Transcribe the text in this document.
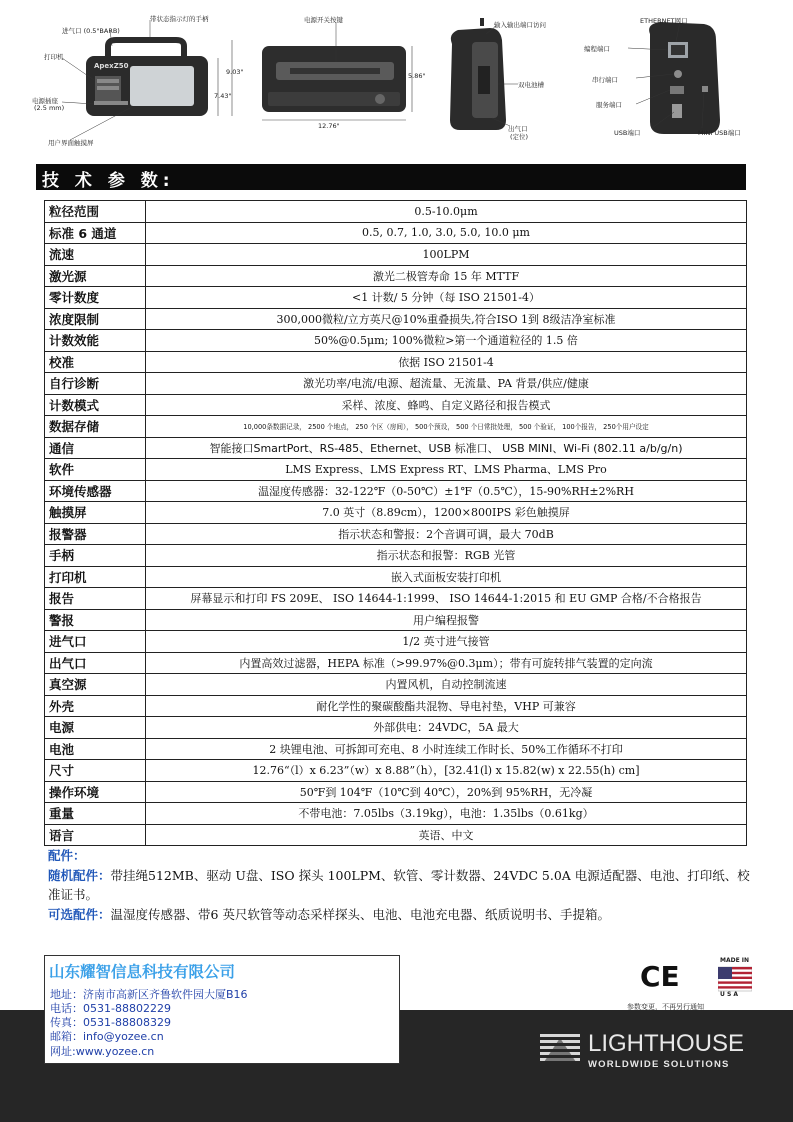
进气口 (0.5"BARB)
带状态指示灯的手柄	电源开关按键
输入输出端口访问	ETHERNET网口
打印机
ApexZ50
9.03"
7.43"
12.76"
5.86"
电源插座
(2.5 mm)
用户界面触摸屏
双电池槽
出气口
(定位)
编程端口
串行端口
服务端口
USB端口	MINI USB端口
技 术 参 数:
粒径范围	0.5-10.0μm
标准 6 通道	0.5, 0.7, 1.0, 3.0, 5.0, 10.0 μm
流速	100LPM
激光源	激光二极管寿命 15 年 MTTF
零计数度	<1 计数/ 5 分钟（每 ISO 21501-4）
浓度限制	300,000微粒/立方英尺@10%重叠损失,符合ISO 1到 8级洁净室标准
计数效能	50%@0.5μm; 100%微粒>第一个通道粒径的 1.5 倍
校准	依据 ISO 21501-4
自行诊断	激光功率/电流/电源、超流量、无流量、PA 背景/供应/健康
计数模式	采样、浓度、蜂鸣、自定义路径和报告模式
数据存储	10,000条数据记录， 2500 个地点， 250 个区（房间）， 500个预设， 500 个日常批处理， 500 个验证， 100个报告， 250个用户设定
通信	智能接口SmartPort、RS-485、Ethernet、USB 标准口、 USB MINI、Wi-Fi (802.11 a/b/g/n)
软件	LMS Express、LMS Express RT、LMS Pharma、LMS Pro
环境传感器	温湿度传感器：32-122℉（0-50℃）±1℉（0.5℃），15-90%RH±2%RH
触摸屏	7.0 英寸（8.89cm），1200×800IPS 彩色触摸屏
报警器	指示状态和警报：2个音调可调，最大 70dB
手柄	指示状态和报警：RGB 光管
打印机	嵌入式面板安装打印机
报告	屏幕显示和打印 FS 209E、 ISO 14644-1:1999、 ISO 14644-1:2015 和 EU GMP 合格/不合格报告
警报	用户编程报警
进气口	1/2 英寸进气接管
出气口	内置高效过滤器，HEPA 标准（>99.97%@0.3μm）；带有可旋转排气装置的定向流
真空源	内置风机，自动控制流速
外壳	耐化学性的聚碳酸酯共混物、导电衬垫，VHP 可兼容
电源	外部供电：24VDC，5A 最大
电池	2 块锂电池、可拆卸可充电、8 小时连续工作时长、50%工作循环不打印
尺寸	12.76“（l）x 6.23”（w）x 8.88”（h），[32.41(l) x 15.82(w) x 22.55(h) cm]
操作环境	50℉到 104℉（10℃到 40℃），20%到 95%RH，无冷凝
重量	不带电池：7.05lbs（3.19kg），电池：1.35lbs（0.61kg）
语言	英语、中文
配件：
随机配件：带挂绳512MB、驱动 U盘、ISO 探头 100LPM、软管、零计数器、24VDC 5.0A 电源适配器、电池、打印纸、校准证书。
可选配件：温湿度传感器、带6 英尺软管等动态采样探头、电池、电池充电器、纸质说明书、手提箱。
山东耀智信息科技有限公司
地址：济南市高新区齐鲁软件园大厦B16
电话：0531-88802229
传真：0531-88808329
邮箱：info@yozee.cn
网址:www.yozee.cn
CE	MADE IN
U S A
参数变更，不再另行通知
LIGHTHOUSE
WORLDWIDE SOLUTIONS
